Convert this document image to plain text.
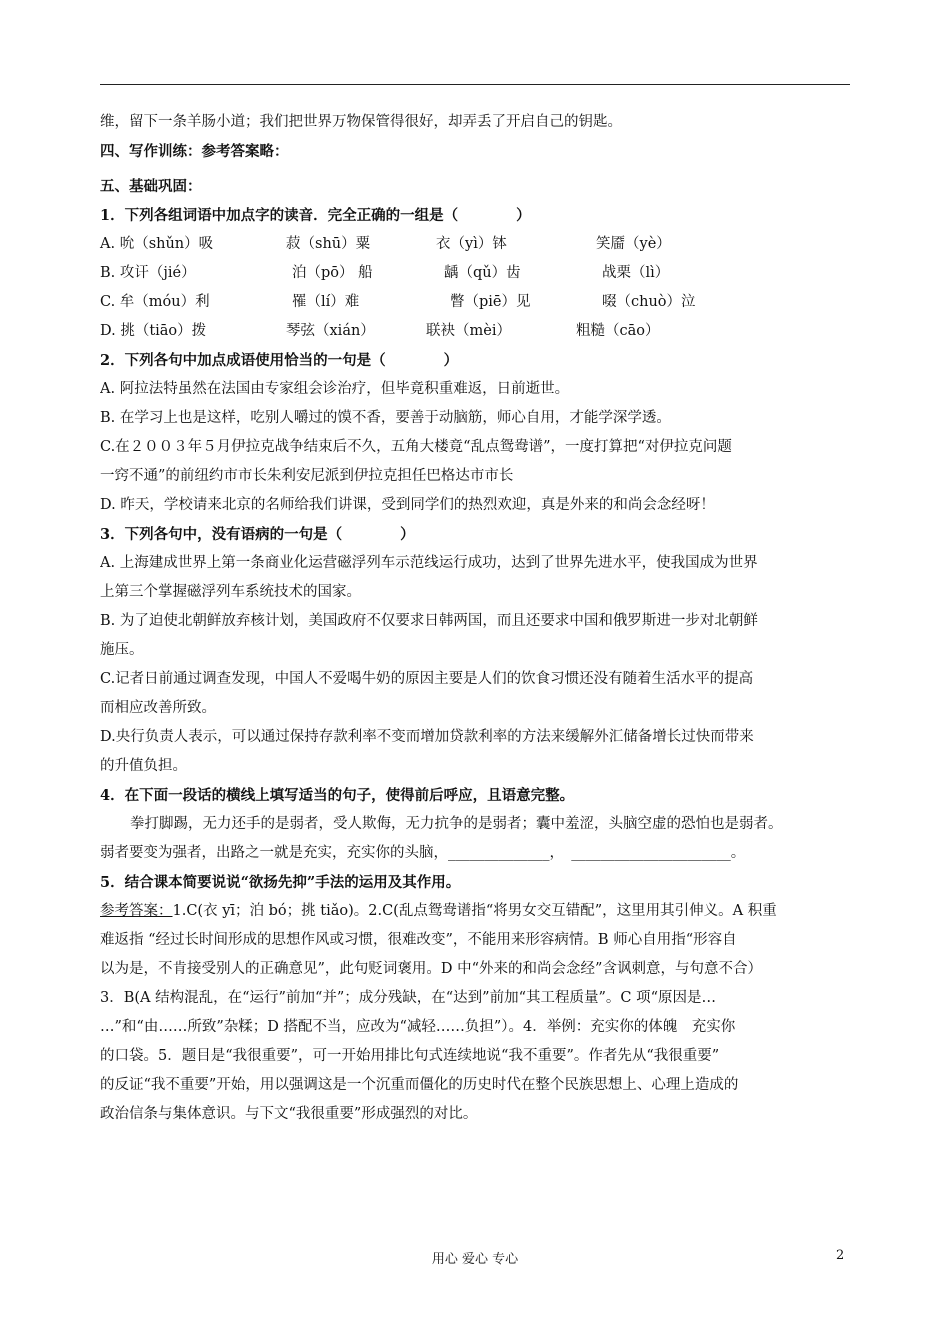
维，留下一条羊肠小道；我们把世界万物保管得很好，却弄丢了开启自己的钥匙。
四、写作训练：参考答案略：
五、基础巩固：
1．下列各组词语中加点字的读音．完全正确的一组是（　　　　）
A. 吮（shǔn）吸	菽（shū）粟	衣（yì）钵	笑靥（yè）
B. 攻讦（jié）	泊（pō） 船	龋（qǔ）齿	战栗（lì）
C. 牟（móu）利	罹（lí）难	瞥（piē）见	啜（chuò）泣
D. 挑（tiāo）拨	琴弦（xián）	联袂（mèi）	粗糙（cāo）
2．下列各句中加点成语使用恰当的一句是（　　　　）
A. 阿拉法特虽然在法国由专家组会诊治疗，但毕竟积重难返，日前逝世。
B. 在学习上也是这样，吃别人嚼过的馍不香，要善于动脑筋，师心自用，才能学深学透。
C.在２００３年５月伊拉克战争结束后不久，五角大楼竟“乱点鸳鸯谱”，一度打算把“对伊拉克问题
一窍不通”的前纽约市市长朱利安尼派到伊拉克担任巴格达市市长
D. 昨天，学校请来北京的名师给我们讲课，受到同学们的热烈欢迎，真是外来的和尚会念经呀！
3．下列各句中，没有语病的一句是（　　　　）
A. 上海建成世界上第一条商业化运营磁浮列车示范线运行成功，达到了世界先进水平，使我国成为世界
上第三个掌握磁浮列车系统技术的国家。
B. 为了迫使北朝鲜放弃核计划，美国政府不仅要求日韩两国，而且还要求中国和俄罗斯进一步对北朝鲜
施压。
C.记者日前通过调查发现，中国人不爱喝牛奶的原因主要是人们的饮食习惯还没有随着生活水平的提高
而相应改善所致。
D.央行负责人表示，可以通过保持存款利率不变而增加贷款利率的方法来缓解外汇储备增长过快而带来
的升值负担。
4．在下面一段话的横线上填写适当的句子，使得前后呼应，且语意完整。
拳打脚踢，无力还手的是弱者，受人欺侮，无力抗争的是弱者；囊中羞涩，头脑空虚的恐怕也是弱者。
弱者要变为强者，出路之一就是充实，充实你的头脑，______________，　______________________。
5．结合课本简要说说“欲扬先抑”手法的运用及其作用。
参考答案：1.C(衣 yī；泊 bó；挑 tiǎo)。2.C(乱点鸳鸯谱指“将男女交互错配”，这里用其引伸义。A 积重
难返指 “经过长时间形成的思想作风或习惯，很难改变”，不能用来形容病情。B 师心自用指“形容自
以为是，不肯接受别人的正确意见”，此句贬词褒用。D 中“外来的和尚会念经”含讽刺意，与句意不合）
3．B(A 结构混乱，在“运行”前加“并”；成分残缺，在“达到”前加“其工程质量”。C 项“原因是…
…”和“由……所致”杂糅；D 搭配不当，应改为“减轻……负担”）。4．举例：充实你的体魄　充实你
的口袋。5．题目是“我很重要”，可一开始用排比句式连续地说“我不重要”。作者先从“我很重要”
的反证“我不重要”开始，用以强调这是一个沉重而僵化的历史时代在整个民族思想上、心理上造成的
政治信条与集体意识。与下文“我很重要”形成强烈的对比。
用心 爱心 专心	2
